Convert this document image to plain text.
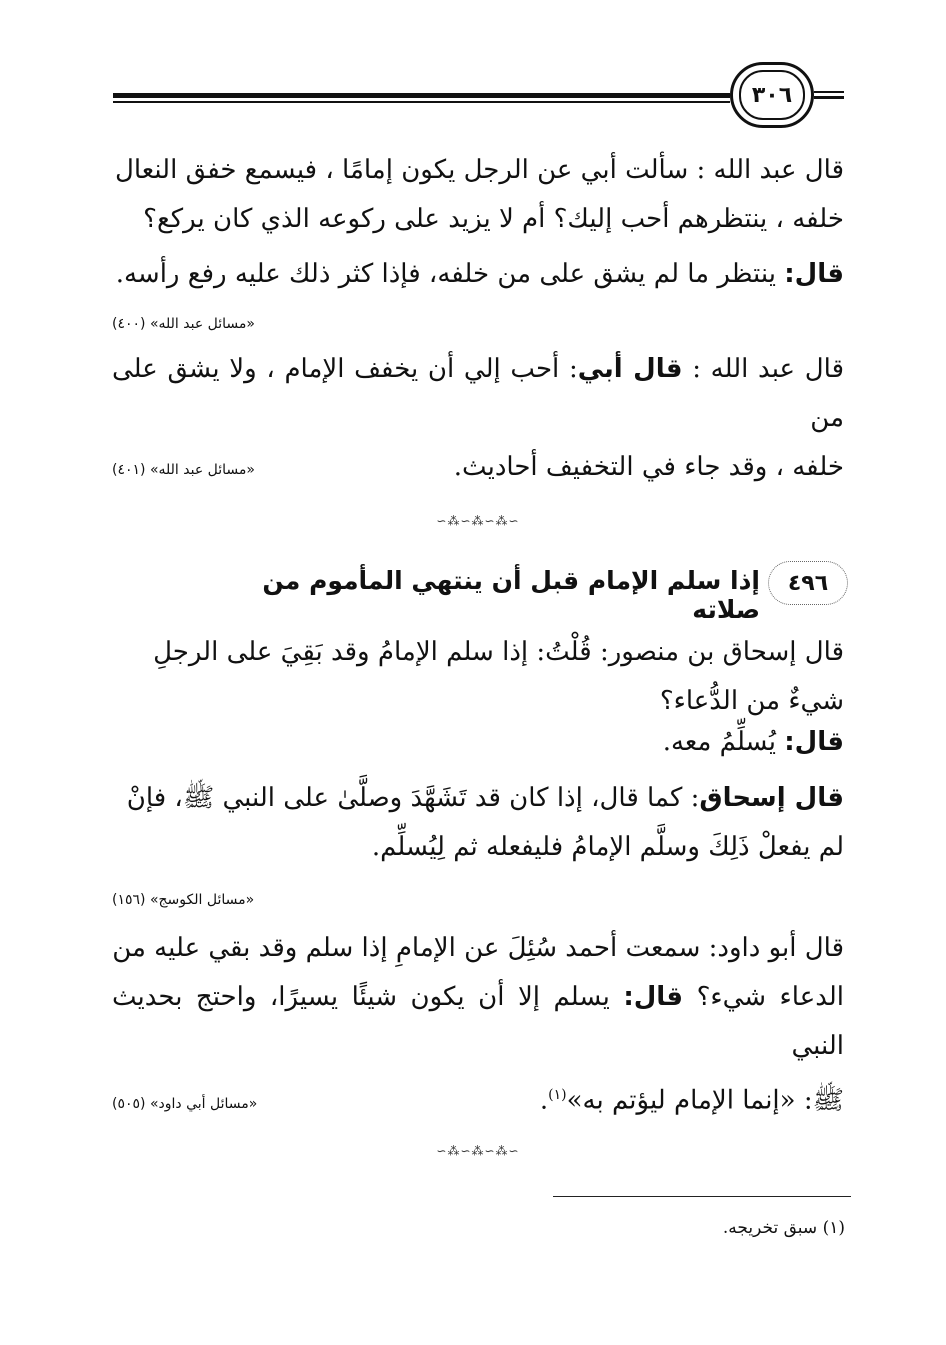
٣٠٦
قال عبد الله : سألت أبي عن الرجل يكون إمامًا ، فيسمع خفق النعال
خلفه ، ينتظرهم أحب إليك؟ أم لا يزيد على ركوعه الذي كان يركع؟
قال: ينتظر ما لم يشق على من خلفه، فإذا كثر ذلك عليه رفع رأسه.
«مسائل عبد الله» (٤٠٠)
قال عبد الله : قال أبي: أحب إلي أن يخفف الإمام ، ولا يشق على من
خلفه ، وقد جاء في التخفيف أحاديث.
«مسائل عبد الله» (٤٠١)
∽⁂∽⁂∽⁂∽
٤٩٦
إذا سلم الإمام قبل أن ينتهي المأموم من صلاته
قال إسحاق بن منصور: قُلْتُ: إذا سلم الإمامُ وقد بَقِيَ على الرجلِ
شيءٌ من الدُّعاء؟
قال: يُسلِّمُ معه.
قال إسحاق: كما قال، إذا كان قد تَشَهَّدَ وصلَّىٰ على النبي ﷺ، فإنْ
لم يفعلْ ذَلِكَ وسلَّم الإمامُ فليفعله ثم لِيُسلِّم.
«مسائل الكوسج» (١٥٦)
قال أبو داود: سمعت أحمد سُئِلَ عن الإمامِ إذا سلم وقد بقي عليه من
الدعاء شيء؟ قال: يسلم إلا أن يكون شيئًا يسيرًا، واحتج بحديث النبي
ﷺ: «إنما الإمام ليؤتم به»$^{(١)}$.
«مسائل أبي داود» (٥٠٥)
∽⁂∽⁂∽⁂∽
(١) سبق تخريجه.
